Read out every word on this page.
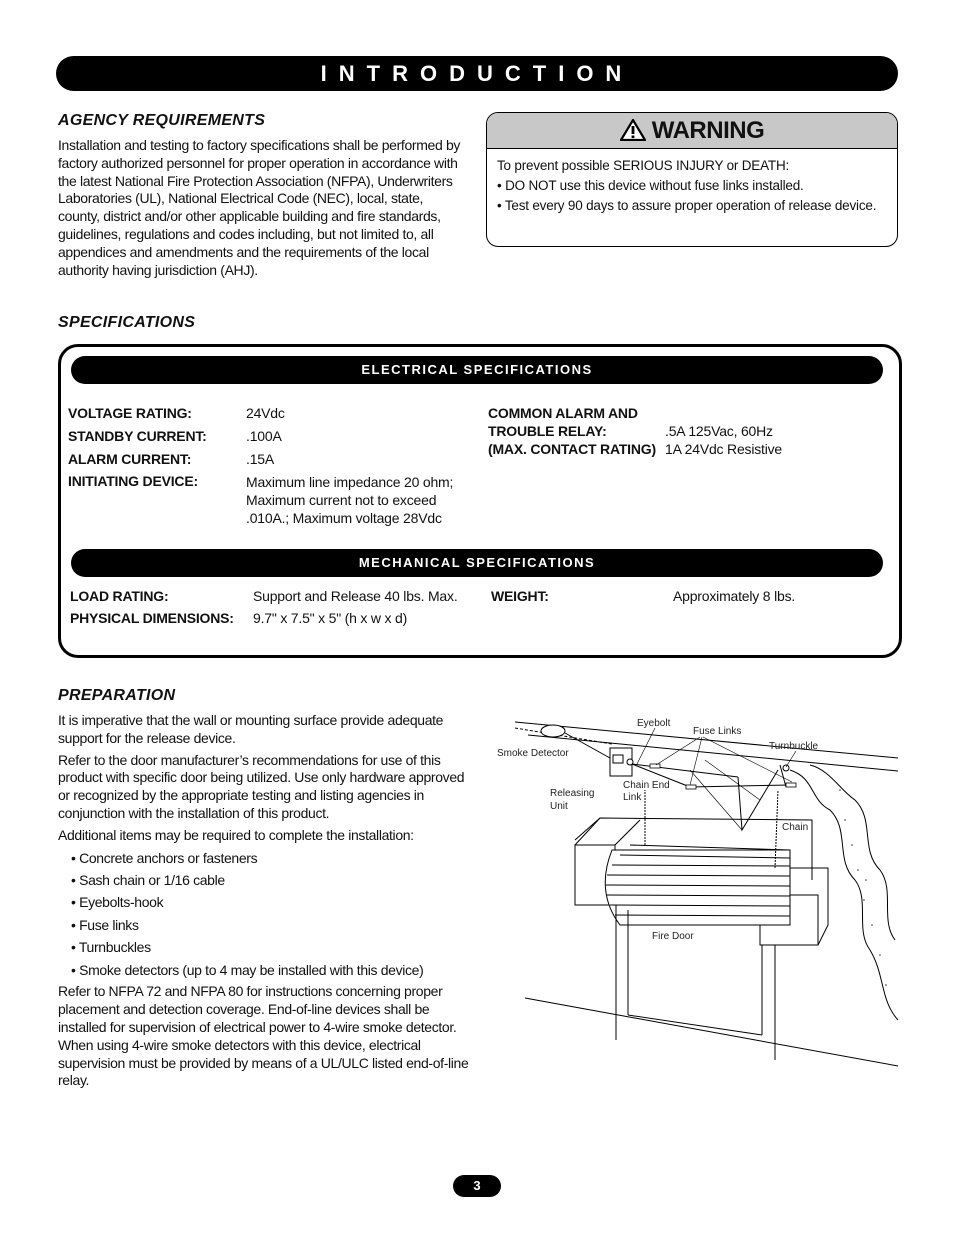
INTRODUCTION
AGENCY REQUIREMENTS
Installation and testing to factory specifications shall be performed by factory authorized personnel for proper operation in accordance with the latest National Fire Protection Association (NFPA), Underwriters Laboratories (UL), National Electrical Code (NEC), local, state, county, district and/or other applicable building and fire standards, guidelines, regulations and codes including, but not limited to, all appendices and amendments and the requirements of the local authority having jurisdiction (AHJ).
WARNING
To prevent possible SERIOUS INJURY or DEATH:
• DO NOT use this device without fuse links installed.
• Test every 90 days to assure proper operation of release device.
SPECIFICATIONS
ELECTRICAL SPECIFICATIONS
VOLTAGE RATING:	24Vdc
STANDBY CURRENT:	.100A
ALARM CURRENT:	.15A
INITIATING DEVICE:	Maximum line impedance 20 ohm;
Maximum current not to exceed
.010A.; Maximum voltage 28Vdc
COMMON ALARM AND
TROUBLE RELAY:	.5A 125Vac, 60Hz
(MAX. CONTACT RATING) 1A 24Vdc Resistive
MECHANICAL SPECIFICATIONS
LOAD RATING:	Support and Release 40 lbs. Max.
PHYSICAL DIMENSIONS: 9.7" x 7.5" x 5" (h x w x d)
WEIGHT:	Approximately 8 lbs.
PREPARATION
It is imperative that the wall or mounting surface provide adequate support for the release device.
Refer to the door manufacturer’s recommendations for use of this product with specific door being utilized. Use only hardware approved or recognized by the appropriate testing and listing agencies in conjunction with the installation of this product.
Additional items may be required to complete the installation:
• Concrete anchors or fasteners
• Sash chain or 1/16 cable
• Eyebolts-hook
• Fuse links
• Turnbuckles
• Smoke detectors (up to 4 may be installed with this device)
Refer to NFPA 72 and NFPA 80 for instructions concerning proper placement and detection coverage. End-of-line devices shall be installed for supervision of electrical power to 4-wire smoke detector. When using 4-wire smoke detectors with this device, electrical supervision must be provided by means of a UL/ULC listed end-of-line relay.
Eyebolt
Fuse Links
Turnbuckle
Smoke Detector
Releasing
Unit
Chain End
Link
Chain
Fire Door
3
